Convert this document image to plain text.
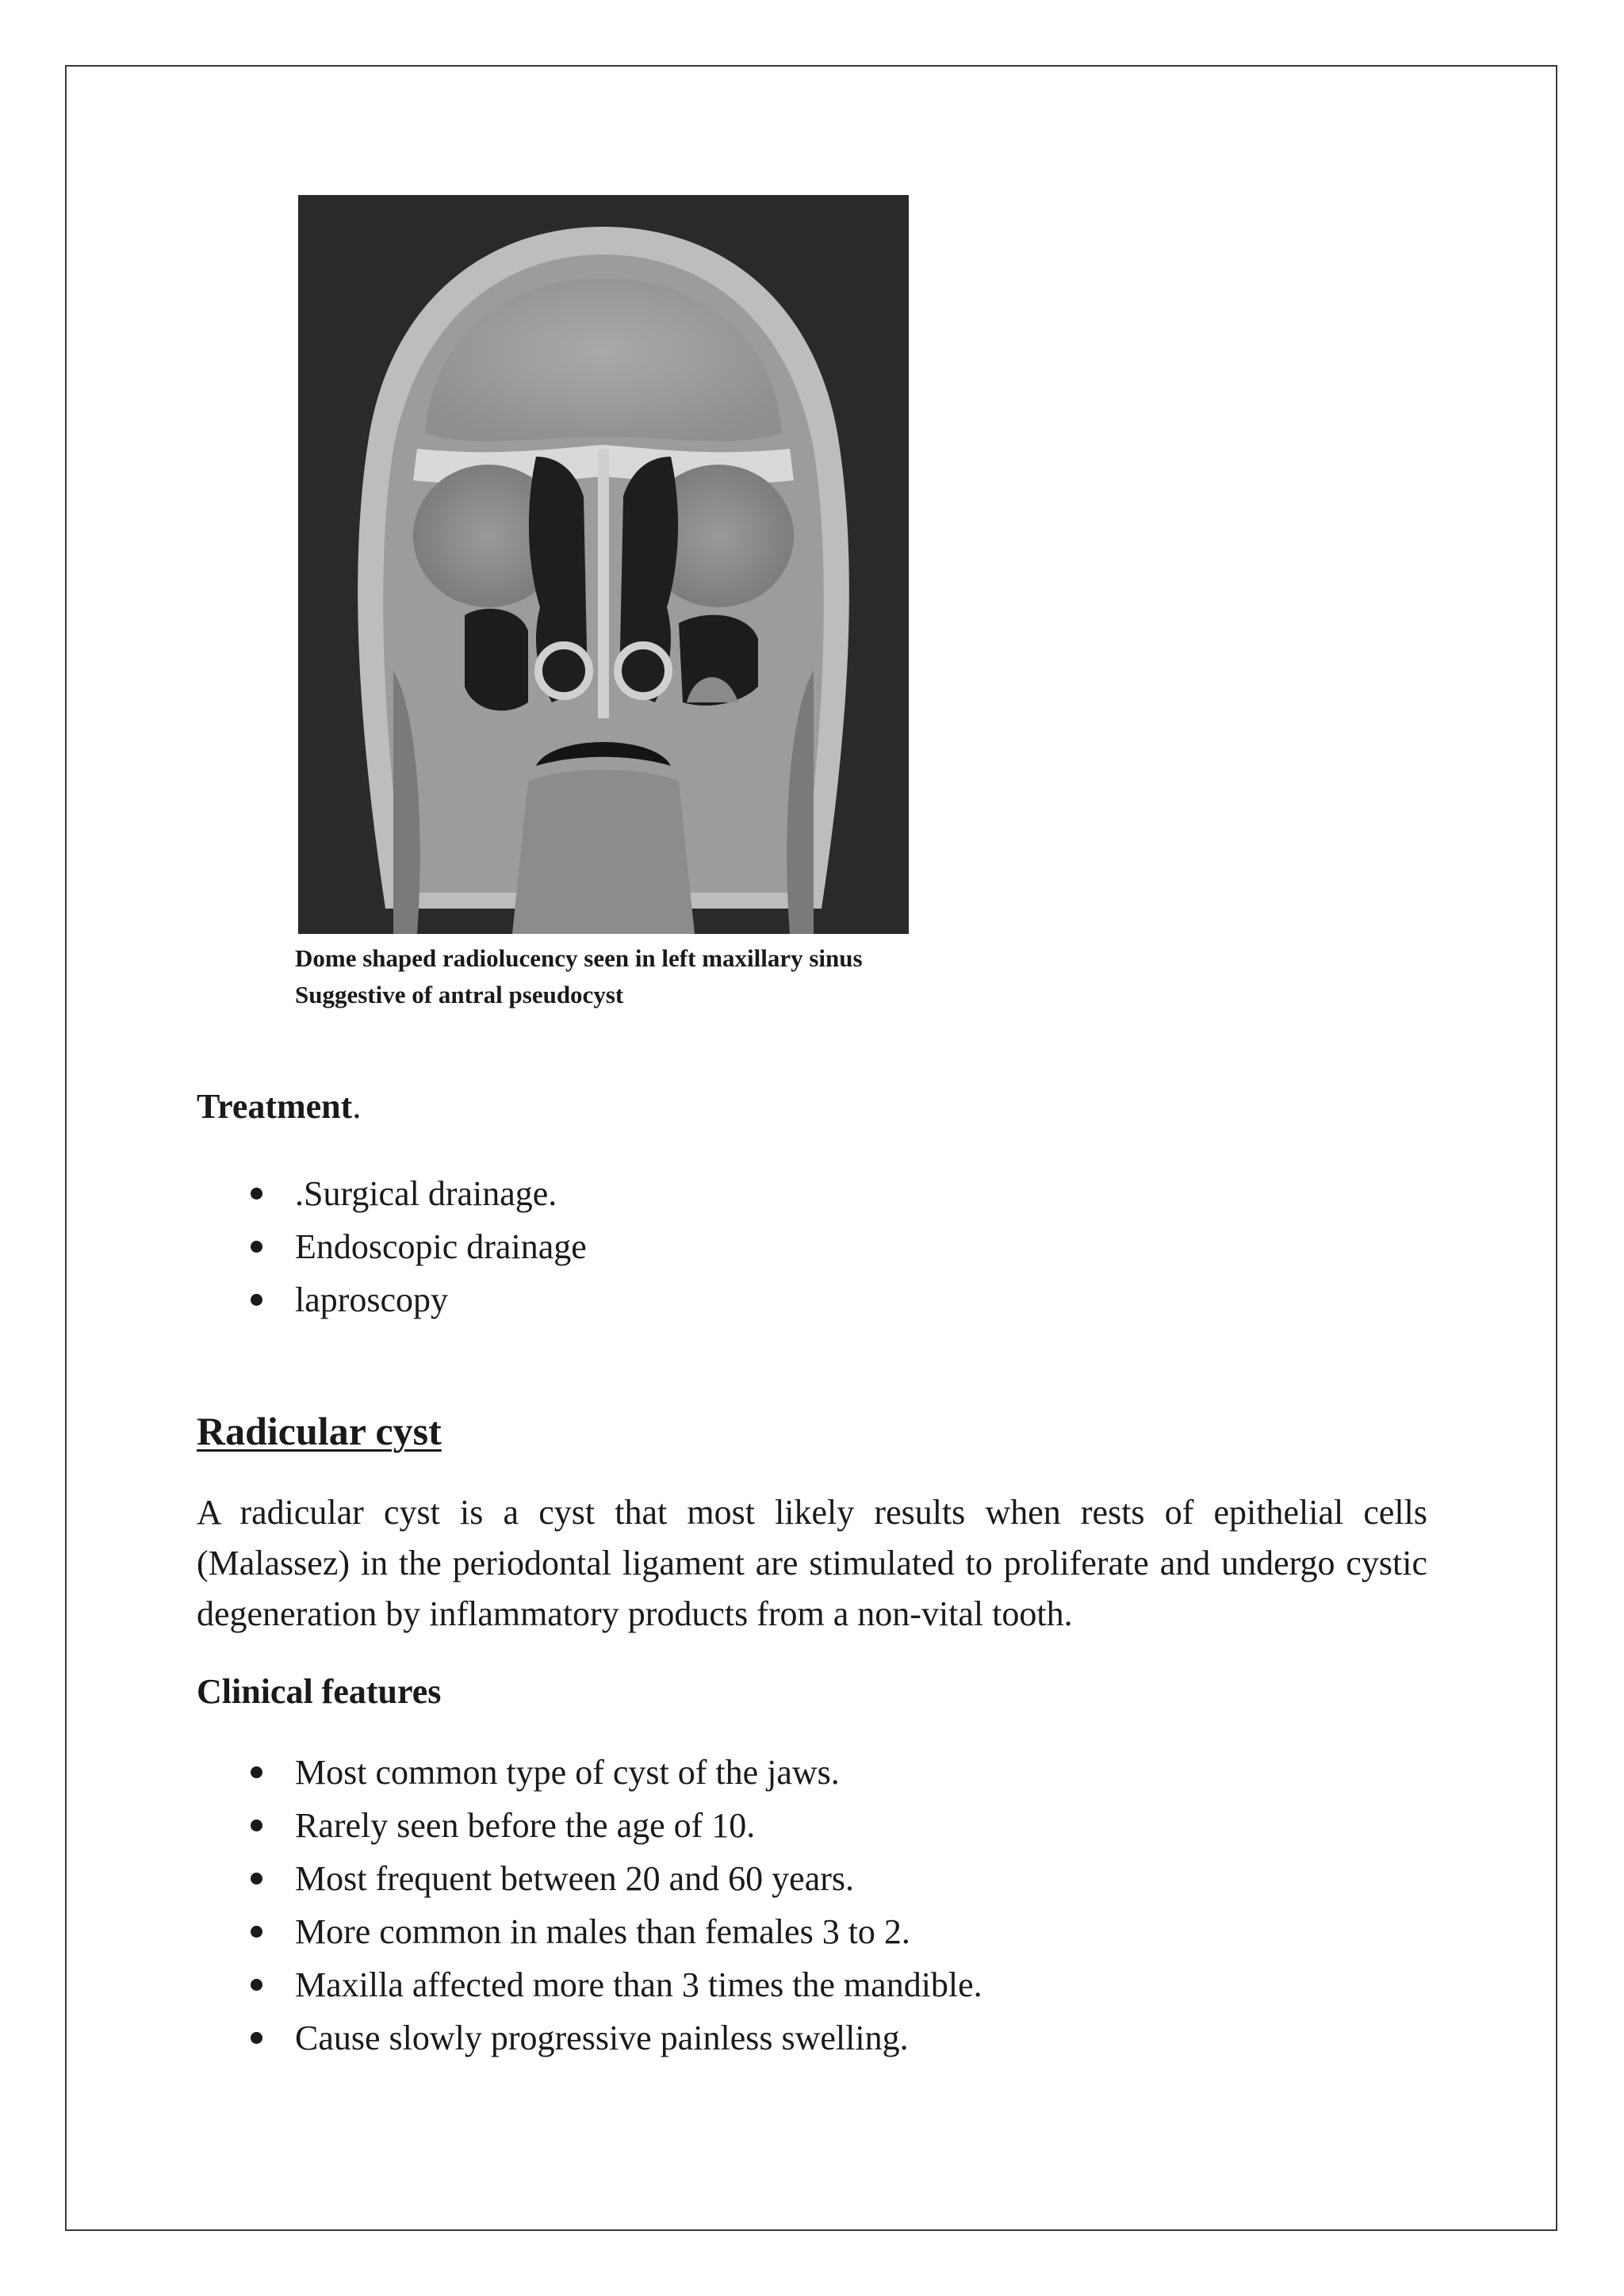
Dome shaped radiolucency seen in left maxillary sinus
Suggestive of antral pseudocyst
Treatment.
.Surgical drainage.
Endoscopic drainage
laproscopy
Radicular cyst

A radicular cyst is a cyst that most likely results when rests of epithelial cells (Malassez) in the periodontal ligament are stimulated to proliferate and undergo cystic degeneration by inflammatory products from a non-vital tooth.

Clinical features
Most common type of cyst of the jaws.
Rarely seen before the age of 10.
Most frequent between 20 and 60 years.
More common in males than females 3 to 2.
Maxilla affected more than 3 times the mandible.
Cause slowly progressive painless swelling.
